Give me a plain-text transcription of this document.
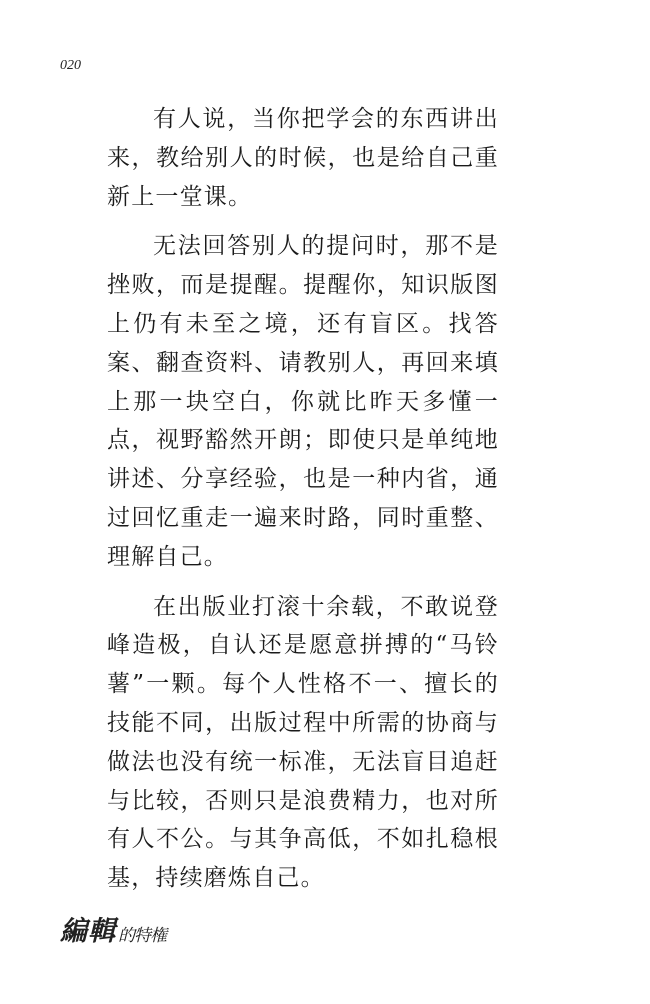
020

有人说，当你把学会的东西讲出来，教给别人的时候，也是给自己重新上一堂课。

无法回答别人的提问时，那不是挫败，而是提醒。提醒你，知识版图上仍有未至之境，还有盲区。找答案、翻查资料、请教别人，再回来填上那一块空白，你就比昨天多懂一点，视野豁然开朗；即使只是单纯地讲述、分享经验，也是一种内省，通过回忆重走一遍来时路，同时重整、理解自己。

在出版业打滚十余载，不敢说登峰造极，自认还是愿意拼搏的“马铃薯”一颗。每个人性格不一、擅长的技能不同，出版过程中所需的协商与做法也没有统一标准，无法盲目追赶与比较，否则只是浪费精力，也对所有人不公。与其争高低，不如扎稳根基，持续磨炼自己。

編輯 的特権
